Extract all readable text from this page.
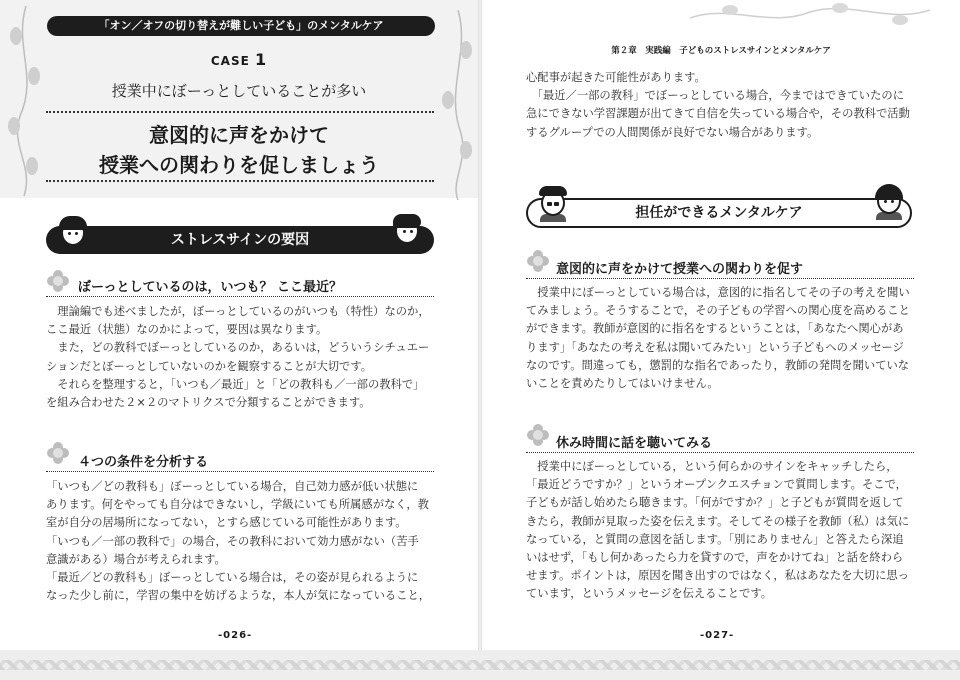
「オン／オフの切り替えが難しい子ども」のメンタルケア
CASE 1
授業中にぼーっとしていることが多い
意図的に声をかけて
授業への関わりを促しましょう
ストレスサインの要因
ぼーっとしているのは，いつも？ ここ最近？

　理論編でも述べましたが，ぼーっとしているのがいつも（特性）なのか，

ここ最近（状態）なのかによって，要因は異なります。

　また，どの教科でぼーっとしているのか，あるいは，どういうシチュエー

ションだとぼーっとしていないのかを観察することが大切です。

　それらを整理すると，「いつも／最近」と「どの教科も／一部の教科で」

を組み合わせた２×２のマトリクスで分類することができます。

４つの条件を分析する

「いつも／どの教科も」ぼーっとしている場合，自己効力感が低い状態に

あります。何をやっても自分はできないし，学級にいても所属感がなく，教

室が自分の居場所になってない，とすら感じている可能性があります。

「いつも／一部の教科で」の場合，その教科において効力感がない（苦手

意識がある）場合が考えられます。

「最近／どの教科も」ぼーっとしている場合は，その姿が見られるように

なった少し前に，学習の集中を妨げるような，本人が気になっていること，

-026-
第２章　実践編　子どものストレスサインとメンタルケア

心配事が起きた可能性があります。

　「最近／一部の教科」でぼーっとしている場合，今まではできていたのに

急にできない学習課題が出てきて自信を失っている場合や，その教科で活動

するグループでの人間関係が良好でない場合があります。

担任ができるメンタルケア
意図的に声をかけて授業への関わりを促す

　授業中にぼーっとしている場合は，意図的に指名してその子の考えを聞い

てみましょう。そうすることで，その子どもの学習への関心度を高めること

ができます。教師が意図的に指名をするということは，「あなたへ関心があ

ります」「あなたの考えを私は聞いてみたい」という子どもへのメッセージ

なのです。間違っても，懲罰的な指名であったり，教師の発問を聞いていな

いことを責めたりしてはいけません。

休み時間に話を聴いてみる

　授業中にぼーっとしている，という何らかのサインをキャッチしたら，

「最近どうですか？」というオープンクエスチョンで質問します。そこで，

子どもが話し始めたら聴きます。「何がですか？」と子どもが質問を返して

きたら，教師が見取った姿を伝えます。そしてその様子を教師（私）は気に

なっている，と質問の意図を話します。「別にありません」と答えたら深追

いはせず，「もし何かあったら力を貸すので，声をかけてね」と話を終わら

せます。ポイントは，原因を聞き出すのではなく，私はあなたを大切に思っ

ています，というメッセージを伝えることです。

-027-
